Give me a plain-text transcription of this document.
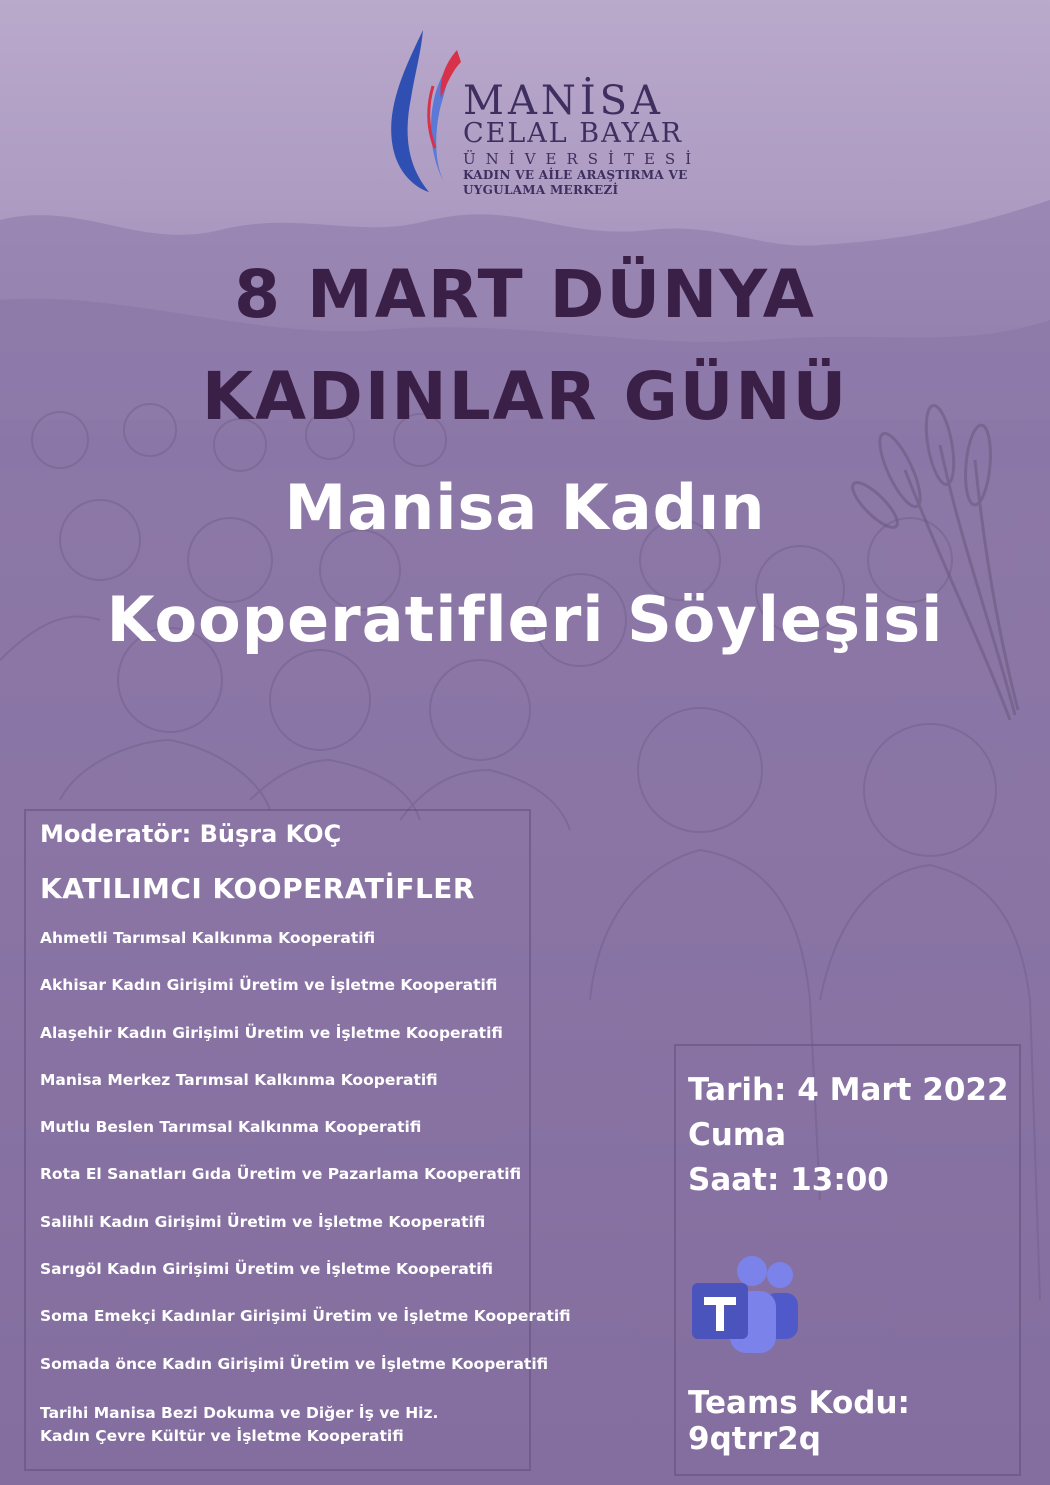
MANİSA
CELAL BAYAR
ÜNİVERSİTESİ
KADIN VE AİLE ARAŞTIRMA VE
UYGULAMA MERKEZİ
8 MART DÜNYA
KADINLAR GÜNÜ
Manisa Kadın
Kooperatifleri Söyleşisi
Moderatör: Büşra KOÇ
KATILIMCI KOOPERATİFLER
Ahmetli Tarımsal Kalkınma Kooperatifi
Akhisar Kadın Girişimi Üretim ve İşletme Kooperatifi
Alaşehir Kadın Girişimi Üretim ve İşletme Kooperatifi
Manisa Merkez Tarımsal Kalkınma Kooperatifi
Mutlu Beslen Tarımsal Kalkınma Kooperatifi
Rota El Sanatları Gıda Üretim ve Pazarlama Kooperatifi
Salihli Kadın Girişimi Üretim ve İşletme Kooperatifi
Sarıgöl Kadın Girişimi Üretim ve İşletme Kooperatifi
Soma Emekçi Kadınlar Girişimi Üretim ve İşletme Kooperatifi
Somada önce Kadın Girişimi Üretim ve İşletme Kooperatifi
Tarihi Manisa Bezi Dokuma ve Diğer İş ve Hiz.
Kadın Çevre Kültür ve İşletme Kooperatifi
Tarih: 4 Mart 2022
Cuma
Saat: 13:00
Teams Kodu: 9qtrr2q
